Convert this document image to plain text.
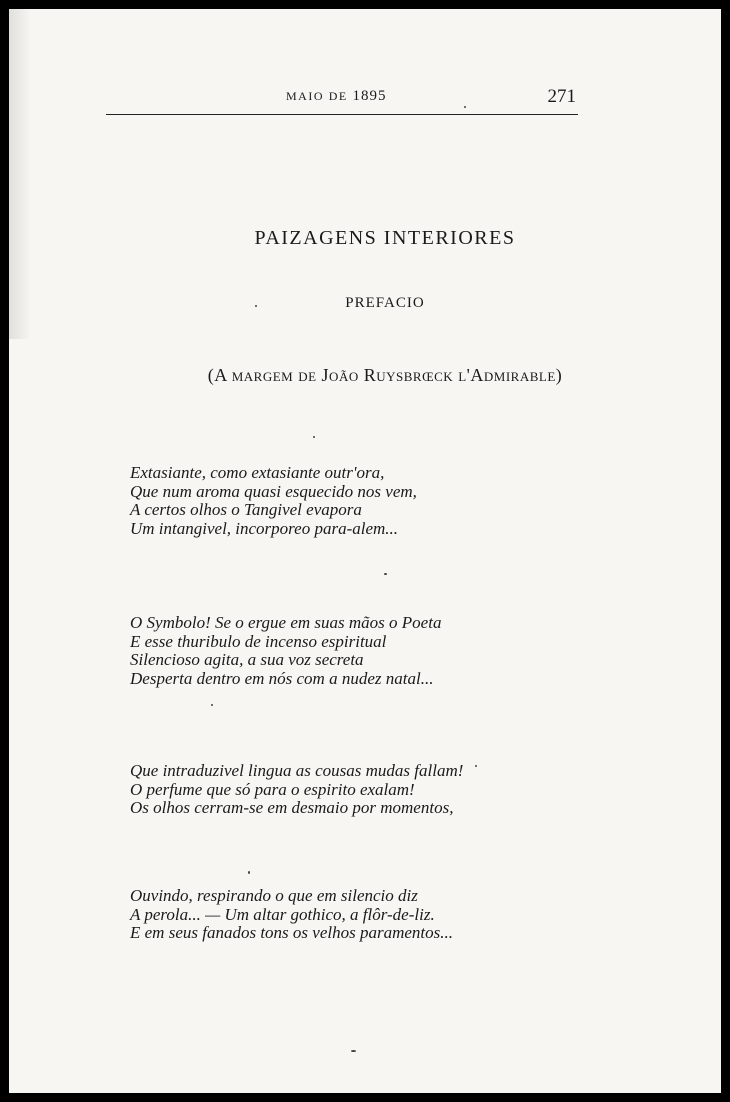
MAIO DE 1895	271
PAIZAGENS INTERIORES
PREFACIO
(A margem de João Ruysbrœck l'Admirable)
Extasiante, como extasiante outr'ora,
Que num aroma quasi esquecido nos vem,
A certos olhos o Tangivel evapora
Um intangivel, incorporeo para-alem...
O Symbolo! Se o ergue em suas mãos o Poeta
E esse thuribulo de incenso espiritual
Silencioso agita, a sua voz secreta
Desperta dentro em nós com a nudez natal...
Que intraduzivel lingua as cousas mudas fallam!
O perfume que só para o espirito exalam!
Os olhos cerram-se em desmaio por momentos,
Ouvindo, respirando o que em silencio diz
A perola... — Um altar gothico, a flôr-de-liz.
E em seus fanados tons os velhos paramentos...
